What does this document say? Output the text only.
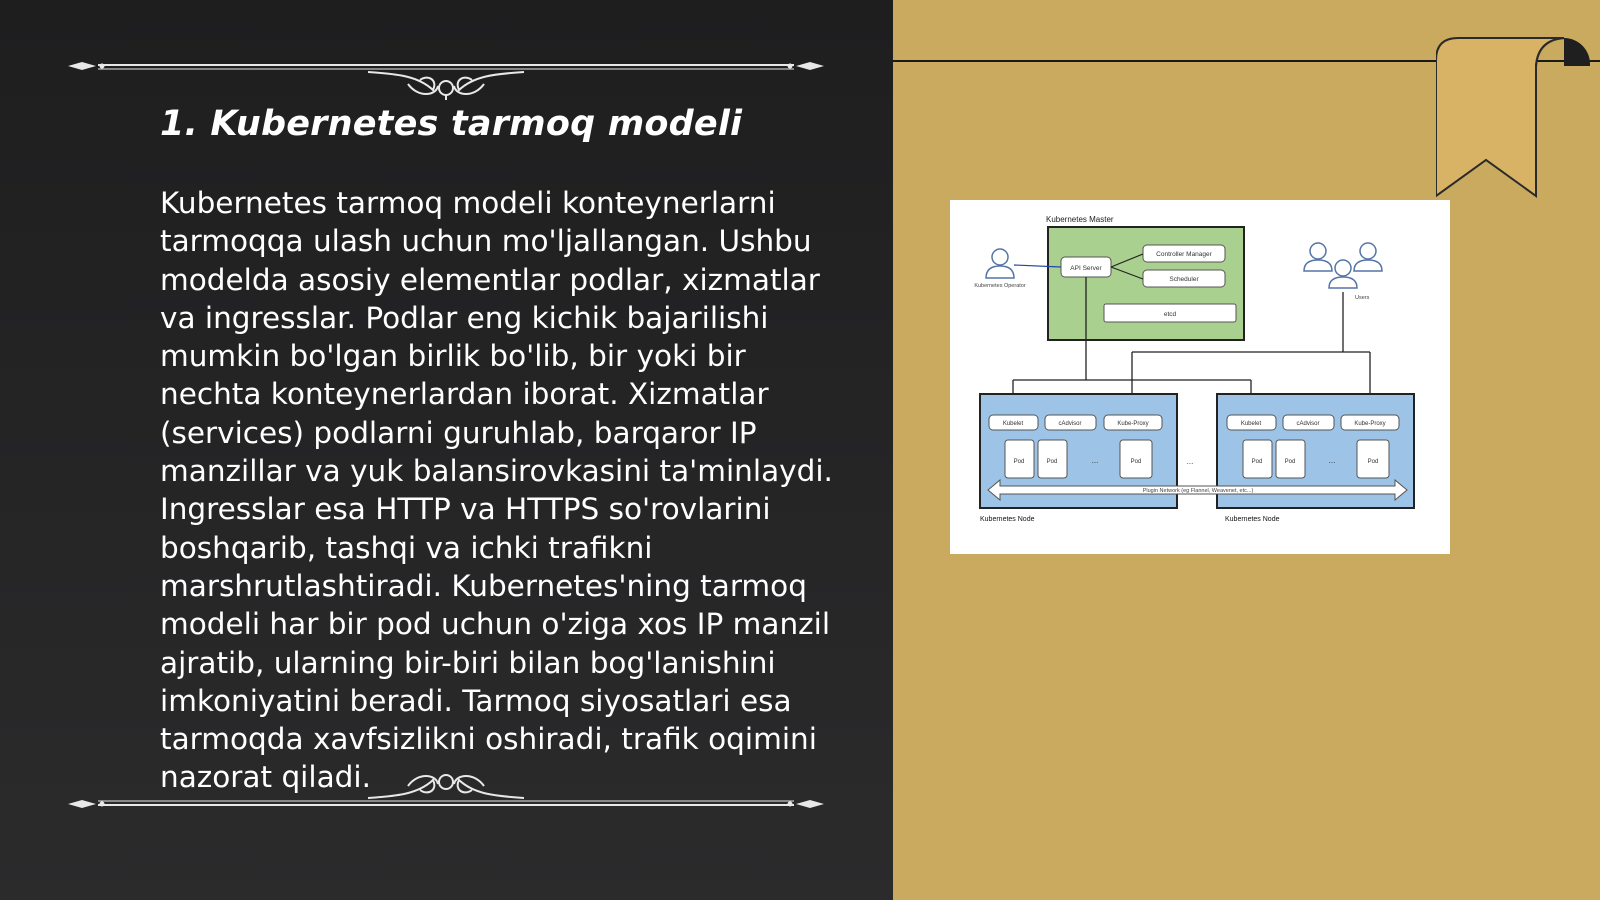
1. Kubernetes tarmoq modeli

Kubernetes tarmoq modeli konteynerlarni tarmoqqa ulash uchun mo'ljallangan. Ushbu modelda asosiy elementlar podlar, xizmatlar va ingresslar. Podlar eng kichik bajarilishi mumkin bo'lgan birlik bo'lib, bir yoki bir nechta konteynerlardan iborat. Xizmatlar (services) podlarni guruhlab, barqaror IP manzillar va yuk balansirovkasini ta'minlaydi. Ingresslar esa HTTP va HTTPS so'rovlarini boshqarib, tashqi va ichki trafikni marshrutlashtiradi. Kubernetes'ning tarmoq modeli har bir pod uchun o'ziga xos IP manzil ajratib, ularning bir-biri bilan bog'lanishini imkoniyatini beradi. Tarmoq siyosatlari esa tarmoqda xavfsizlikni oshiradi, trafik oqimini nazorat qiladi.

Kubernetes Master
API Server
Controller Manager
Scheduler
etcd
Kubernetes Operator
Users
Kubelet	cAdvisor	Kube-Proxy
Pod	Pod	...	Pod
Kubernetes Node
...
Kubelet	cAdvisor	Kube-Proxy
Pod	Pod	...	Pod
Kubernetes Node
Plugin Network (eg Flannel, Weavenet, etc...)
